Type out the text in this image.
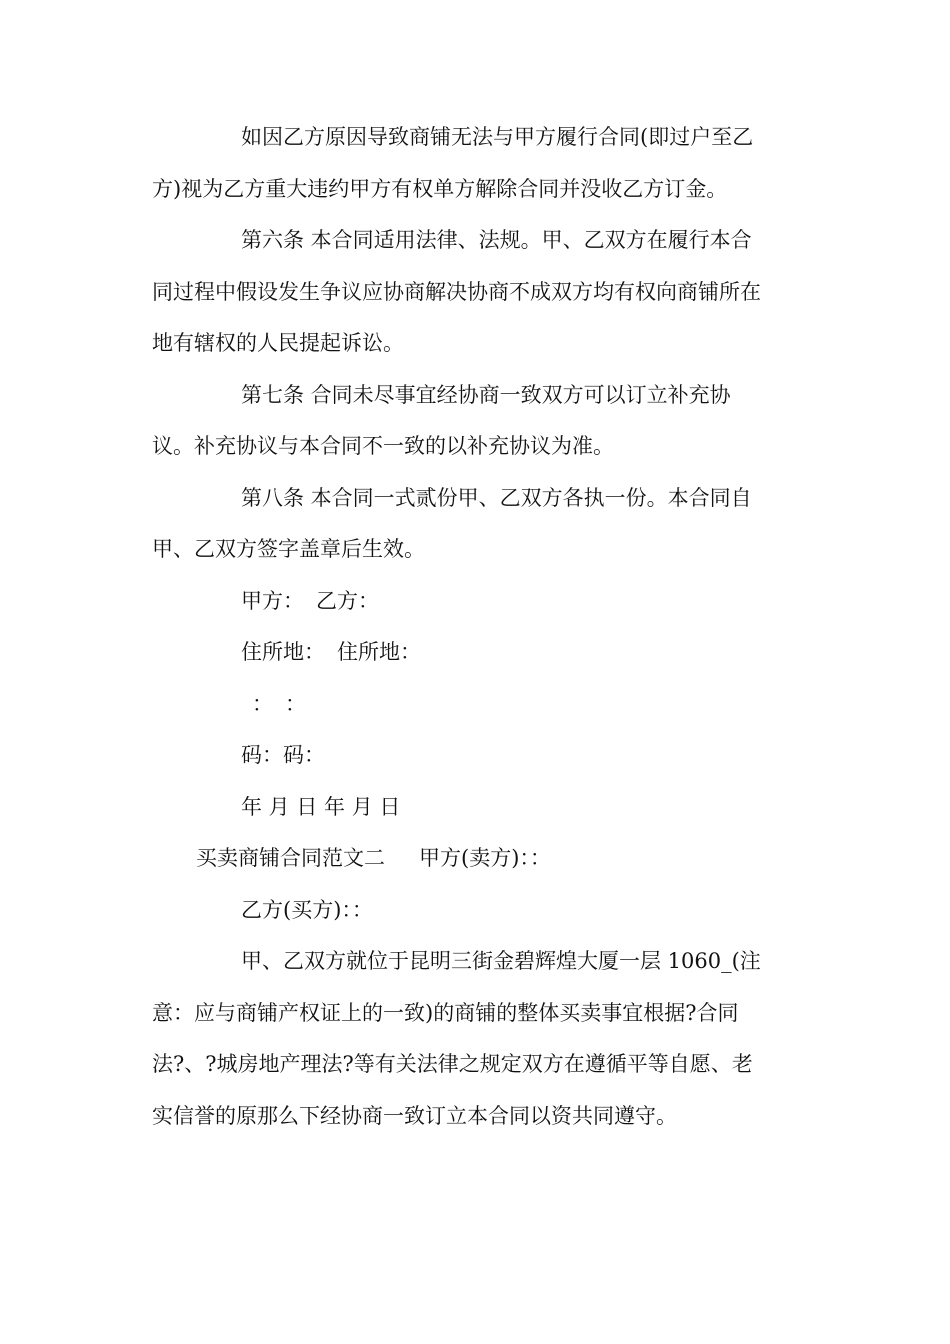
如因乙方原因导致商铺无法与甲方履行合同(即过户至乙

方)视为乙方重大违约甲方有权单方解除合同并没收乙方订金。

第六条 本合同适用法律、法规。甲、乙双方在履行本合

同过程中假设发生争议应协商解决协商不成双方均有权向商铺所在

地有辖权的人民提起诉讼。

第七条 合同未尽事宜经协商一致双方可以订立补充协

议。补充协议与本合同不一致的以补充协议为准。

第八条 本合同一式贰份甲、乙双方各执一份。本合同自

甲、乙双方签字盖章后生效。

甲方： 乙方：

住所地： 住所地：

： ：

码：码：

年 月 日 年 月 日

买卖商铺合同范文二 甲方(卖方)：：

乙方(买方)：：

甲、乙双方就位于昆明三街金碧辉煌大厦一层 1060_(注

意：应与商铺产权证上的一致)的商铺的整体买卖事宜根据?合同

法?、?城房地产理法?等有关法律之规定双方在遵循平等自愿、老

实信誉的原那么下经协商一致订立本合同以资共同遵守。
